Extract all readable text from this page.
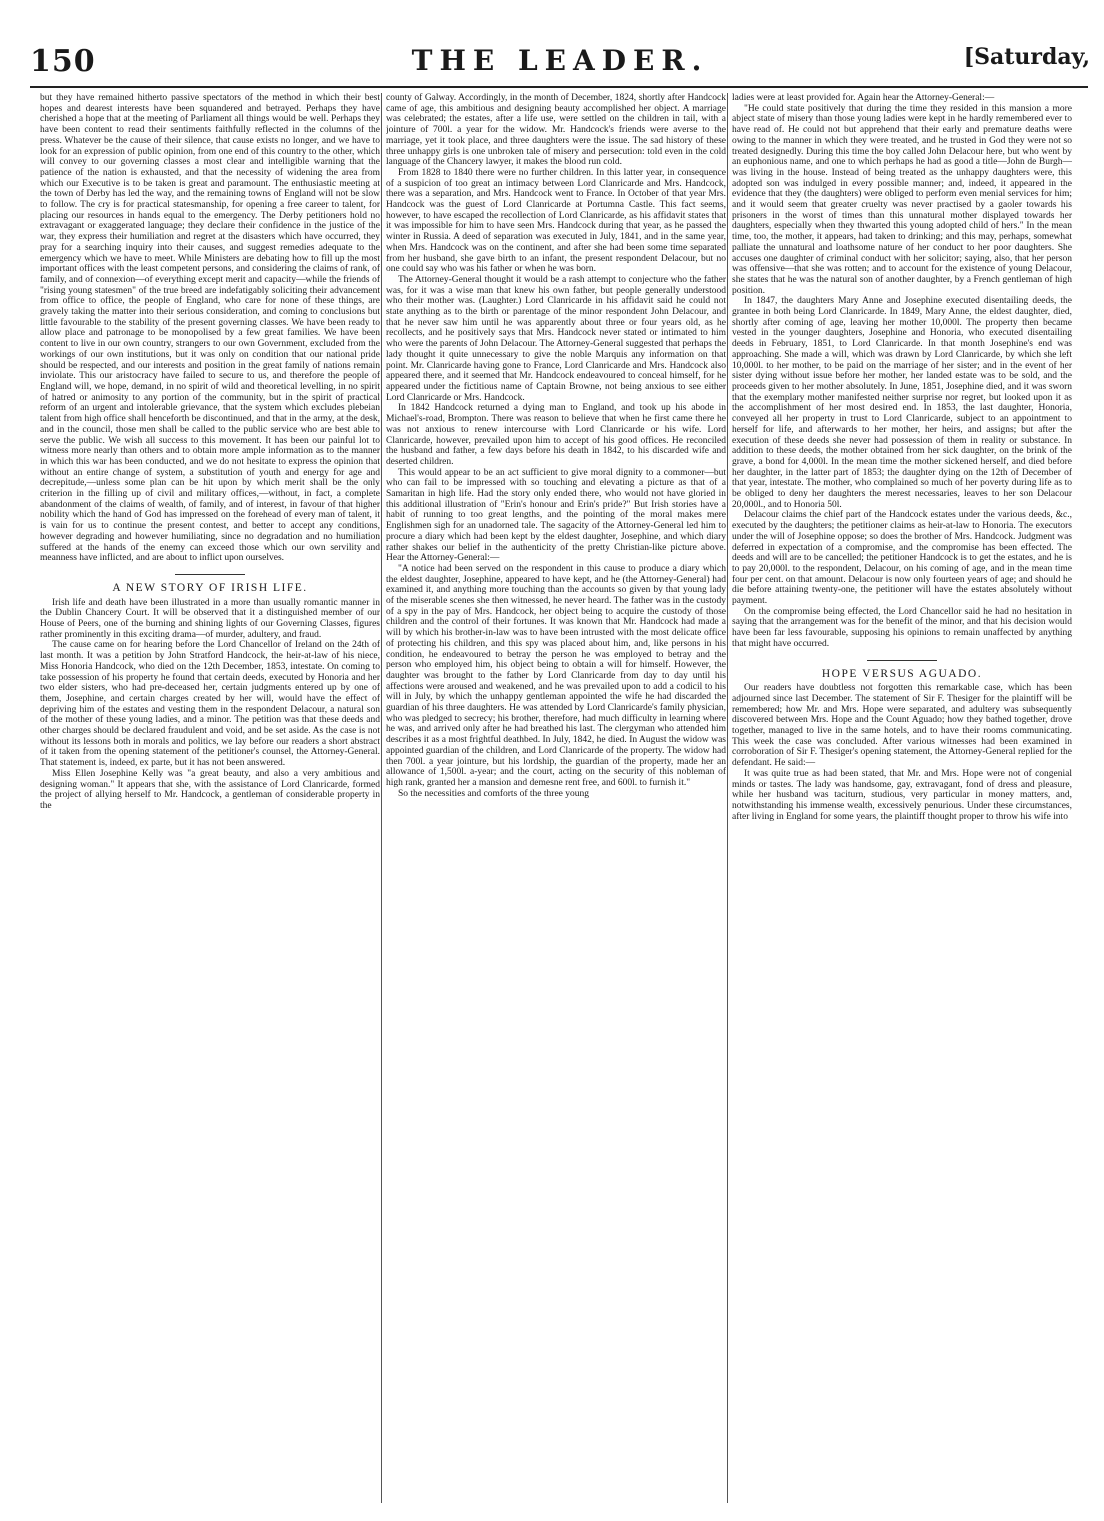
150	THE LEADER.	[Saturday,

but they have remained hitherto passive spectators of the method in which their best hopes and dearest interests have been squandered and betrayed. Perhaps they have cherished a hope that at the meeting of Parliament all things would be well. Perhaps they have been content to read their sentiments faithfully reflected in the columns of the press. Whatever be the cause of their silence, that cause exists no longer, and we have to look for an expression of public opinion, from one end of this country to the other, which will convey to our governing classes a most clear and intelligible warning that the patience of the nation is exhausted, and that the necessity of widening the area from which our Executive is to be taken is great and paramount. The enthusiastic meeting at the town of Derby has led the way, and the remaining towns of England will not be slow to follow. The cry is for practical statesmanship, for opening a free career to talent, for placing our resources in hands equal to the emergency. The Derby petitioners hold no extravagant or exaggerated language; they declare their confidence in the justice of the war, they express their humiliation and regret at the disasters which have occurred, they pray for a searching inquiry into their causes, and suggest remedies adequate to the emergency which we have to meet. While Ministers are debating how to fill up the most important offices with the least competent persons, and considering the claims of rank, of family, and of connexion—of everything except merit and capacity—while the friends of "rising young statesmen" of the true breed are indefatigably soliciting their advancement from office to office, the people of England, who care for none of these things, are gravely taking the matter into their serious consideration, and coming to conclusions but little favourable to the stability of the present governing classes. We have been ready to allow place and patronage to be monopolised by a few great families. We have been content to live in our own country, strangers to our own Government, excluded from the workings of our own institutions, but it was only on condition that our national pride should be respected, and our interests and position in the great family of nations remain inviolate. This our aristocracy have failed to secure to us, and therefore the people of England will, we hope, demand, in no spirit of wild and theoretical levelling, in no spirit of hatred or animosity to any portion of the community, but in the spirit of practical reform of an urgent and intolerable grievance, that the system which excludes plebeian talent from high office shall henceforth be discontinued, and that in the army, at the desk, and in the council, those men shall be called to the public service who are best able to serve the public. We wish all success to this movement. It has been our painful lot to witness more nearly than others and to obtain more ample information as to the manner in which this war has been conducted, and we do not hesitate to express the opinion that without an entire change of system, a substitution of youth and energy for age and decrepitude,—unless some plan can be hit upon by which merit shall be the only criterion in the filling up of civil and military offices,—without, in fact, a complete abandonment of the claims of wealth, of family, and of interest, in favour of that higher nobility which the hand of God has impressed on the forehead of every man of talent, it is vain for us to continue the present contest, and better to accept any conditions, however degrading and however humiliating, since no degradation and no humiliation suffered at the hands of the enemy can exceed those which our own servility and meanness have inflicted, and are about to inflict upon ourselves.

A NEW STORY OF IRISH LIFE.

Irish life and death have been illustrated in a more than usually romantic manner in the Dublin Chancery Court. It will be observed that it a distinguished member of our House of Peers, one of the burning and shining lights of our Governing Classes, figures rather prominently in this exciting drama—of murder, adultery, and fraud.

The cause came on for hearing before the Lord Chancellor of Ireland on the 24th of last month. It was a petition by John Stratford Handcock, the heir-at-law of his niece, Miss Honoria Handcock, who died on the 12th December, 1853, intestate. On coming to take possession of his property he found that certain deeds, executed by Honoria and her two elder sisters, who had pre-deceased her, certain judgments entered up by one of them, Josephine, and certain charges created by her will, would have the effect of depriving him of the estates and vesting them in the respondent Delacour, a natural son of the mother of these young ladies, and a minor. The petition was that these deeds and other charges should be declared fraudulent and void, and be set aside. As the case is not without its lessons both in morals and politics, we lay before our readers a short abstract of it taken from the opening statement of the petitioner's counsel, the Attorney-General. That statement is, indeed, ex parte, but it has not been answered.

Miss Ellen Josephine Kelly was "a great beauty, and also a very ambitious and designing woman." It appears that she, with the assistance of Lord Clanricarde, formed the project of allying herself to Mr. Handcock, a gentleman of considerable property in the

county of Galway. Accordingly, in the month of December, 1824, shortly after Handcock came of age, this ambitious and designing beauty accomplished her object. A marriage was celebrated; the estates, after a life use, were settled on the children in tail, with a jointure of 700l. a year for the widow. Mr. Handcock's friends were averse to the marriage, yet it took place, and three daughters were the issue. The sad history of these three unhappy girls is one unbroken tale of misery and persecution: told even in the cold language of the Chancery lawyer, it makes the blood run cold.

From 1828 to 1840 there were no further children. In this latter year, in consequence of a suspicion of too great an intimacy between Lord Clanricarde and Mrs. Handcock, there was a separation, and Mrs. Handcock went to France. In October of that year Mrs. Handcock was the guest of Lord Clanricarde at Portumna Castle. This fact seems, however, to have escaped the recollection of Lord Clanricarde, as his affidavit states that it was impossible for him to have seen Mrs. Handcock during that year, as he passed the winter in Russia. A deed of separation was executed in July, 1841, and in the same year, when Mrs. Handcock was on the continent, and after she had been some time separated from her husband, she gave birth to an infant, the present respondent Delacour, but no one could say who was his father or when he was born.

The Attorney-General thought it would be a rash attempt to conjecture who the father was, for it was a wise man that knew his own father, but people generally understood who their mother was. (Laughter.) Lord Clanricarde in his affidavit said he could not state anything as to the birth or parentage of the minor respondent John Delacour, and that he never saw him until he was apparently about three or four years old, as he recollects, and he positively says that Mrs. Handcock never stated or intimated to him who were the parents of John Delacour. The Attorney-General suggested that perhaps the lady thought it quite unnecessary to give the noble Marquis any information on that point. Mr. Clanricarde having gone to France, Lord Clanricarde and Mrs. Handcock also appeared there, and it seemed that Mr. Handcock endeavoured to conceal himself, for he appeared under the fictitious name of Captain Browne, not being anxious to see either Lord Clanricarde or Mrs. Handcock.

In 1842 Handcock returned a dying man to England, and took up his abode in Michael's-road, Brompton. There was reason to believe that when he first came there he was not anxious to renew intercourse with Lord Clanricarde or his wife. Lord Clanricarde, however, prevailed upon him to accept of his good offices. He reconciled the husband and father, a few days before his death in 1842, to his discarded wife and deserted children.

This would appear to be an act sufficient to give moral dignity to a commoner—but who can fail to be impressed with so touching and elevating a picture as that of a Samaritan in high life. Had the story only ended there, who would not have gloried in this additional illustration of "Erin's honour and Erin's pride?" But Irish stories have a habit of running to too great lengths, and the pointing of the moral makes mere Englishmen sigh for an unadorned tale. The sagacity of the Attorney-General led him to procure a diary which had been kept by the eldest daughter, Josephine, and which diary rather shakes our belief in the authenticity of the pretty Christian-like picture above. Hear the Attorney-General:—

"A notice had been served on the respondent in this cause to produce a diary which the eldest daughter, Josephine, appeared to have kept, and he (the Attorney-General) had examined it, and anything more touching than the accounts so given by that young lady of the miserable scenes she then witnessed, he never heard. The father was in the custody of a spy in the pay of Mrs. Handcock, her object being to acquire the custody of those children and the control of their fortunes. It was known that Mr. Handcock had made a will by which his brother-in-law was to have been intrusted with the most delicate office of protecting his children, and this spy was placed about him, and, like persons in his condition, he endeavoured to betray the person he was employed to betray and the person who employed him, his object being to obtain a will for himself. However, the daughter was brought to the father by Lord Clanricarde from day to day until his affections were aroused and weakened, and he was prevailed upon to add a codicil to his will in July, by which the unhappy gentleman appointed the wife he had discarded the guardian of his three daughters. He was attended by Lord Clanricarde's family physician, who was pledged to secrecy; his brother, therefore, had much difficulty in learning where he was, and arrived only after he had breathed his last. The clergyman who attended him describes it as a most frightful deathbed. In July, 1842, he died. In August the widow was appointed guardian of the children, and Lord Clanricarde of the property. The widow had then 700l. a year jointure, but his lordship, the guardian of the property, made her an allowance of 1,500l. a-year; and the court, acting on the security of this nobleman of high rank, granted her a mansion and demesne rent free, and 600l. to furnish it."

So the necessities and comforts of the three young

ladies were at least provided for. Again hear the Attorney-General:—

"He could state positively that during the time they resided in this mansion a more abject state of misery than those young ladies were kept in he hardly remembered ever to have read of. He could not but apprehend that their early and premature deaths were owing to the manner in which they were treated, and he trusted in God they were not so treated designedly. During this time the boy called John Delacour here, but who went by an euphonious name, and one to which perhaps he had as good a title—John de Burgh—was living in the house. Instead of being treated as the unhappy daughters were, this adopted son was indulged in every possible manner; and, indeed, it appeared in the evidence that they (the daughters) were obliged to perform even menial services for him; and it would seem that greater cruelty was never practised by a gaoler towards his prisoners in the worst of times than this unnatural mother displayed towards her daughters, especially when they thwarted this young adopted child of hers." In the mean time, too, the mother, it appears, had taken to drinking; and this may, perhaps, somewhat palliate the unnatural and loathsome nature of her conduct to her poor daughters. She accuses one daughter of criminal conduct with her solicitor; saying, also, that her person was offensive—that she was rotten; and to account for the existence of young Delacour, she states that he was the natural son of another daughter, by a French gentleman of high position.

In 1847, the daughters Mary Anne and Josephine executed disentailing deeds, the grantee in both being Lord Clanricarde. In 1849, Mary Anne, the eldest daughter, died, shortly after coming of age, leaving her mother 10,000l. The property then became vested in the younger daughters, Josephine and Honoria, who executed disentailing deeds in February, 1851, to Lord Clanricarde. In that month Josephine's end was approaching. She made a will, which was drawn by Lord Clanricarde, by which she left 10,000l. to her mother, to be paid on the marriage of her sister; and in the event of her sister dying without issue before her mother, her landed estate was to be sold, and the proceeds given to her mother absolutely. In June, 1851, Josephine died, and it was sworn that the exemplary mother manifested neither surprise nor regret, but looked upon it as the accomplishment of her most desired end. In 1853, the last daughter, Honoria, conveyed all her property in trust to Lord Clanricarde, subject to an appointment to herself for life, and afterwards to her mother, her heirs, and assigns; but after the execution of these deeds she never had possession of them in reality or substance. In addition to these deeds, the mother obtained from her sick daughter, on the brink of the grave, a bond for 4,000l. In the mean time the mother sickened herself, and died before her daughter, in the latter part of 1853; the daughter dying on the 12th of December of that year, intestate. The mother, who complained so much of her poverty during life as to be obliged to deny her daughters the merest necessaries, leaves to her son Delacour 20,000l., and to Honoria 50l.

Delacour claims the chief part of the Handcock estates under the various deeds, &c., executed by the daughters; the petitioner claims as heir-at-law to Honoria. The executors under the will of Josephine oppose; so does the brother of Mrs. Handcock. Judgment was deferred in expectation of a compromise, and the compromise has been effected. The deeds and will are to be cancelled; the petitioner Handcock is to get the estates, and he is to pay 20,000l. to the respondent, Delacour, on his coming of age, and in the mean time four per cent. on that amount. Delacour is now only fourteen years of age; and should he die before attaining twenty-one, the petitioner will have the estates absolutely without payment.

On the compromise being effected, the Lord Chancellor said he had no hesitation in saying that the arrangement was for the benefit of the minor, and that his decision would have been far less favourable, supposing his opinions to remain unaffected by anything that might have occurred.

HOPE VERSUS AGUADO.

Our readers have doubtless not forgotten this remarkable case, which has been adjourned since last December. The statement of Sir F. Thesiger for the plaintiff will be remembered; how Mr. and Mrs. Hope were separated, and adultery was subsequently discovered between Mrs. Hope and the Count Aguado; how they bathed together, drove together, managed to live in the same hotels, and to have their rooms communicating. This week the case was concluded. After various witnesses had been examined in corroboration of Sir F. Thesiger's opening statement, the Attorney-General replied for the defendant. He said:—

It was quite true as had been stated, that Mr. and Mrs. Hope were not of congenial minds or tastes. The lady was handsome, gay, extravagant, fond of dress and pleasure, while her husband was taciturn, studious, very particular in money matters, and, notwithstanding his immense wealth, excessively penurious. Under these circumstances, after living in England for some years, the plaintiff thought proper to throw his wife into
